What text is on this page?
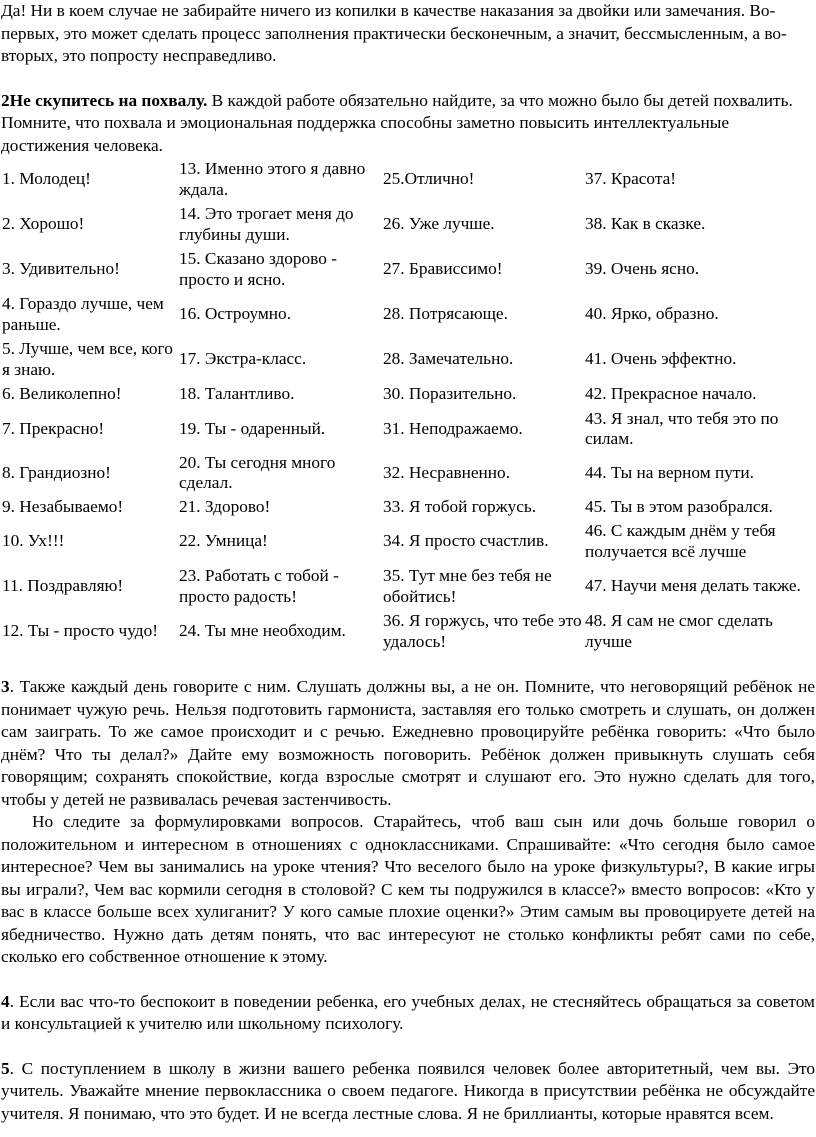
Да! Ни в коем случае не забирайте ничего из копилки в качестве наказания за двойки или замечания. Во-первых, это может сделать процесс заполнения практически бесконечным, а значит, бессмысленным, а во-вторых, это попросту несправедливо.

2Не скупитесь на похвалу. В каждой работе обязательно найдите, за что можно было бы детей похвалить. Помните, что похвала и эмоциональная поддержка способны заметно повысить интеллектуальные достижения человека.

1. Молодец!	13. Именно этого я давно ждала.	25.Отлично!	37. Красота!
2. Хорошо!	14. Это трогает меня до глубины души.	26. Уже лучше.	38. Как в сказке.
3. Удивительно!	15. Сказано здорово - просто и ясно.	27. Брависсимо!	39. Очень ясно.
4. Гораздо лучше, чем раньше.	16. Остроумно.	28. Потрясающе.	40. Ярко, образно.
5. Лучше, чем все, кого я знаю.	17. Экстра-класс.	28. Замечательно.	41. Очень эффектно.
6. Великолепно!	18. Талантливо.	30. Поразительно.	42. Прекрасное начало.
7. Прекрасно!	19. Ты - одаренный.	31. Неподражаемо.	43. Я знал, что тебя это по силам.
8. Грандиозно!	20. Ты сегодня много сделал.	32. Несравненно.	44. Ты на верном пути.
9. Незабываемо!	21. Здорово!	33. Я тобой горжусь.	45. Ты в этом разобрался.
10. Ух!!!	22. Умница!	34. Я просто счастлив.	46. С каждым днём у тебя получается всё лучше
11. Поздравляю!	23. Работать с тобой - просто радость!	35. Тут мне без тебя не обойтись!	47. Научи меня делать также.
12. Ты - просто чудо!	24. Ты мне необходим.	36. Я горжусь, что тебе это удалось!	48. Я сам не смог сделать лучше

3. Также каждый день говорите с ним. Слушать должны вы, а не он. Помните, что неговорящий ребёнок не понимает чужую речь. Нельзя подготовить гармониста, заставляя его только смотреть и слушать, он должен сам заиграть. То же самое происходит и с речью. Ежедневно провоцируйте ребёнка говорить: «Что было днём? Что ты делал?» Дайте ему возможность поговорить. Ребёнок должен привыкнуть слушать себя говорящим; сохранять спокойствие, когда взрослые смотрят и слушают его. Это нужно сделать для того, чтобы у детей не развивалась речевая застенчивость.

Но следите за формулировками вопросов. Старайтесь, чтоб ваш сын или дочь больше говорил о положительном и интересном в отношениях с одноклассниками. Спрашивайте: «Что сегодня было самое интересное? Чем вы занимались на уроке чтения? Что веселого было на уроке физкультуры?, В какие игры вы играли?, Чем вас кормили сегодня в столовой? С кем ты подружился в классе?» вместо вопросов: «Кто у вас в классе больше всех хулиганит? У кого самые плохие оценки?» Этим самым вы провоцируете детей на ябедничество. Нужно дать детям понять, что вас интересуют не столько конфликты ребят сами по себе, сколько его собственное отношение к этому.

4. Если вас что-то беспокоит в поведении ребенка, его учебных делах, не стесняйтесь обращаться за советом и консультацией к учителю или школьному психологу.

5. С поступлением в школу в жизни вашего ребенка появился человек более авторитетный, чем вы. Это учитель. Уважайте мнение первоклассника о своем педагоге. Никогда в присутствии ребёнка не обсуждайте учителя. Я понимаю, что это будет. И не всегда лестные слова. Я не бриллианты, которые нравятся всем.
